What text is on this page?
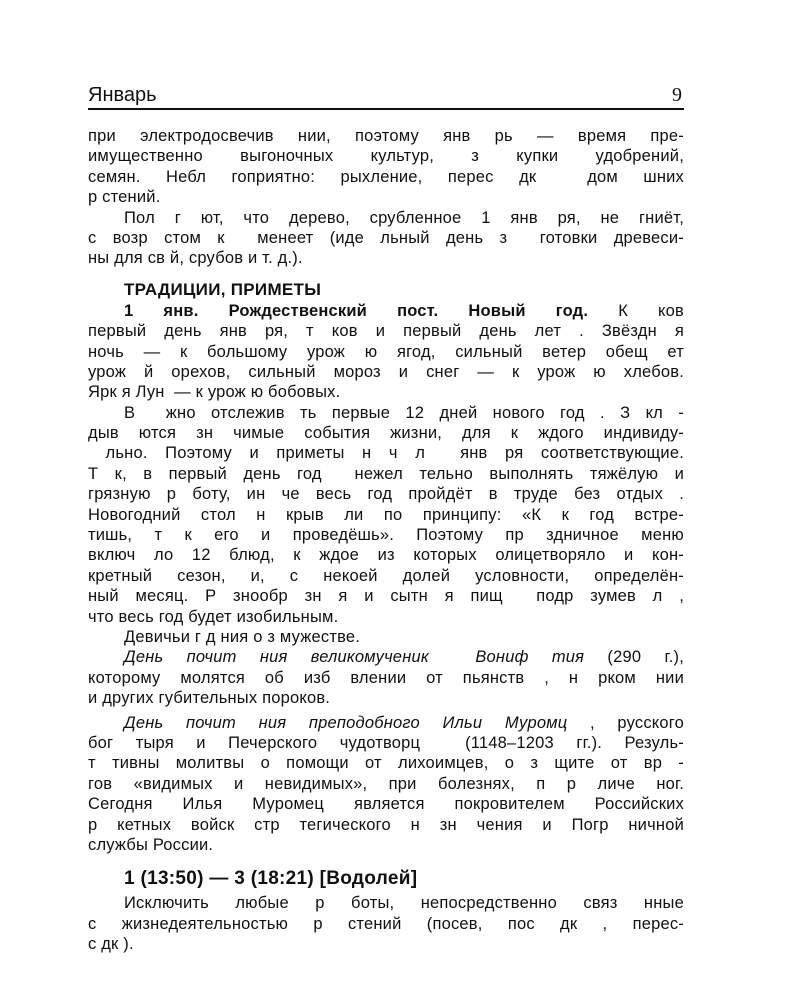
Январь	9
при электродосвечив нии, поэтому янв рь — время пре-
имущественно выгоночных культур, з купки удобрений,
семян. Небл гоприятно: рыхление, перес дк  дом шних
р стений.
Пол г ют, что дерево, срубленное 1 янв ря, не гниёт,
с возр стом к  менеет (иде льный день з  готовки древеси-
ны для св й, срубов и т. д.).
ТРАДИЦИИ, ПРИМЕТЫ
1 янв. Рождественский пост. Новый год. К ков
первый день янв ря, т ков и первый день лет . Звёздн я
ночь — к большому урож ю ягод, сильный ветер обещ ет
урож й орехов, сильный мороз и снег — к урож ю хлебов.
Ярк я Лун  — к урож ю бобовых.
В  жно отслежив ть первые 12 дней нового год . З кл -
дыв ются зн чимые события жизни, для к ждого индивиду-
льно. Поэтому и приметы н ч л  янв ря соответствующие.
Т к, в первый день год  нежел тельно выполнять тяжёлую и
грязную р боту, ин че весь год пройдёт в труде без отдых .
Новогодний стол н крыв ли по принципу: «К к год встре-
тишь, т к его и проведёшь». Поэтому пр здничное меню
включ ло 12 блюд, к ждое из которых олицетворяло и кон-
кретный сезон, и, с некоей долей условности, определён-
ный месяц. Р знообр зн я и сытн я пищ  подр зумев л ,
что весь год будет изобильным.
Девичьи г д ния о з мужестве.
День почит ния великомученик  Вониф тия (290 г.),
которому молятся об изб влении от пьянств , н рком нии
и других губительных пороков.
День почит ния преподобного Ильи Муромц , русского
бог тыря и Печерского чудотворц  (1148–1203 гг.). Резуль-
т тивны молитвы о помощи от лихоимцев, о з щите от вр -
гов «видимых и невидимых», при болезнях, п р личе ног.
Сегодня Илья Муромец является покровителем Российских
р кетных войск стр тегического н зн чения и Погр ничной
службы России.
1 (13:50) — 3 (18:21) [Водолей]
Исключить любые р боты, непосредственно связ нные
с жизнедеятельностью р стений (посев, пос дк , перес-
с дк ).
